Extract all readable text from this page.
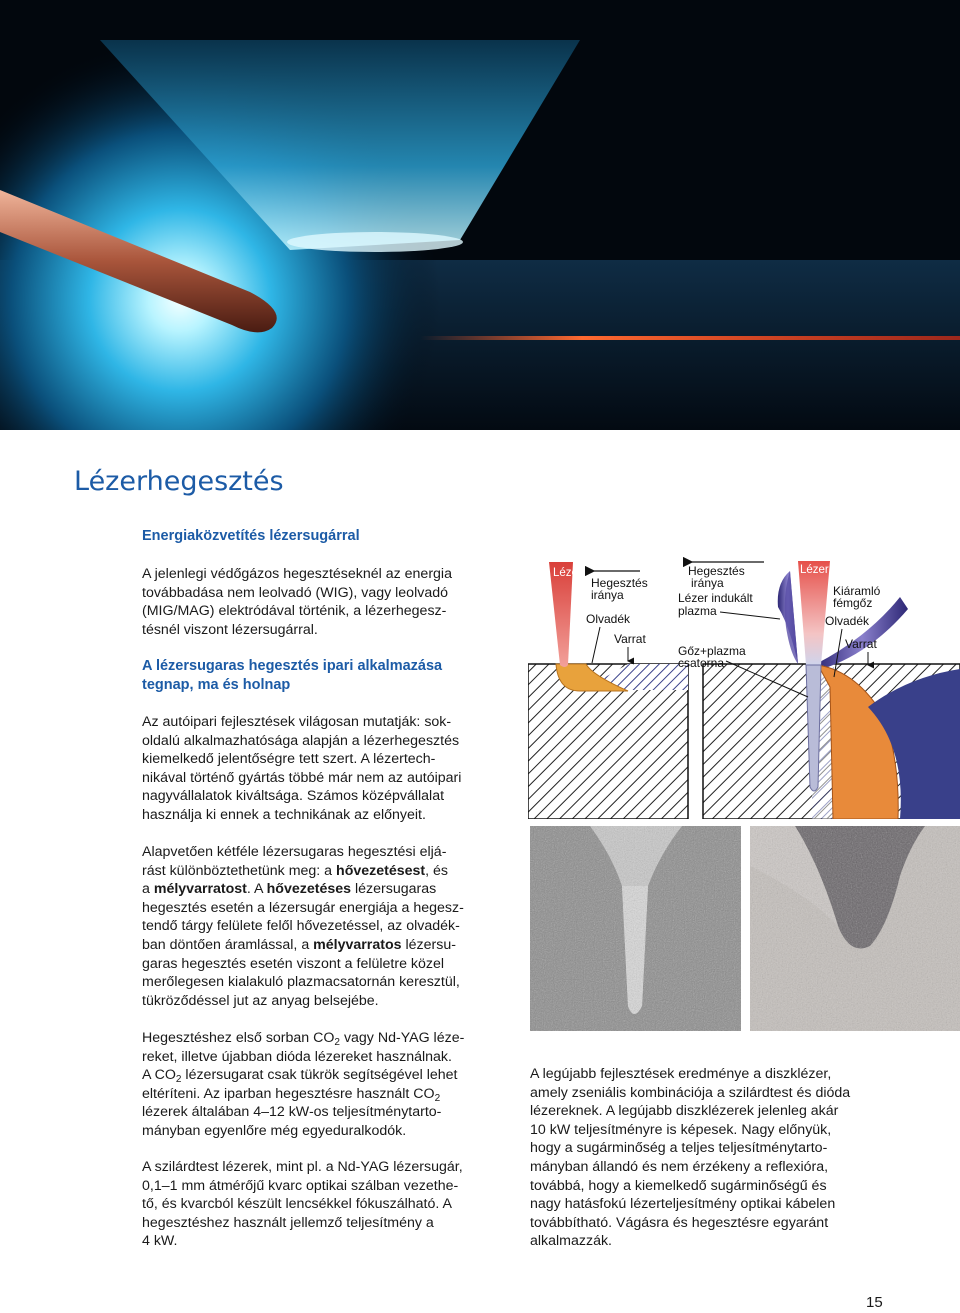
Lézerhegesztés
Energiaközvetítés lézersugárral

A jelenlegi védőgázos hegesztéseknél az energia
továbbadása nem leolvadó (WIG), vagy leolvadó
(MIG/MAG) elektródával történik, a lézerhegesz-
tésnél viszont lézersugárral.

A lézersugaras hegesztés ipari alkalmazása
tegnap, ma és holnap

Az autóipari fejlesztések világosan mutatják: sok-
oldalú alkalmazhatósága alapján a lézerhegesztés
kiemelkedő jelentőségre tett szert. A lézertech-
nikával történő gyártás többé már nem az autóipari
nagyvállalatok kiváltsága. Számos középvállalat
használja ki ennek a technikának az előnyeit.

Alapvetően kétféle lézersugaras hegesztési eljá-
rást különböztethetünk meg: a hővezetésest, és
a mélyvarratost. A hővezetéses lézersugaras
hegesztés esetén a lézersugár energiája a hegesz-
tendő tárgy felülete felől hővezetéssel, az olvadék-
ban döntően áramlással, a mélyvarratos lézersu-
garas hegesztés esetén viszont a felületre közel
merőlegesen kialakuló plazmacsatornán keresztül,
tükröződéssel jut az anyag belsejébe.

Hegesztéshez első sorban $CO_2$ vagy Nd-YAG léze-
reket, illetve újabban dióda lézereket használnak.
A $CO_2$ lézersugarat csak tükrök segítségével lehet
eltéríteni. Az iparban hegesztésre használt $CO_2$
lézerek általában 4–12 kW-os teljesítménytarto-
mányban egyenlőre még egyeduralkodók.

A szilárdtest lézerek, mint pl. a Nd-YAG lézersugár,
0,1–1 mm átmérőjű kvarc optikai szálban vezethe-
tő, és kvarcból készült lencsékkel fókuszálható. A
hegesztéshez használt jellemző teljesítmény a
4 kW.

A legújabb fejlesztések eredménye a diszklézer,
amely zseniális kombinációja a szilárdtest és dióda
lézereknek. A legújabb diszklézerek jelenleg akár
10 kW teljesítményre is képesek. Nagy előnyük,
hogy a sugárminőség a teljes teljesítménytarto-
mányban állandó és nem érzékeny a reflexióra,
továbbá, hogy a kiemelkedő sugárminőségű és
nagy hatásfokú lézerteljesítmény optikai kábelen
továbbítható. Vágásra és hegesztésre egyaránt
alkalmazzák.

Lézer
Hegesztés
iránya
Olvadék
Varrat
Lézer
Hegesztés
iránya
Lézer indukált
plazma
Kiáramló
fémgőz
Olvadék
Varrat
Gőz+plazma
csatorna
15
